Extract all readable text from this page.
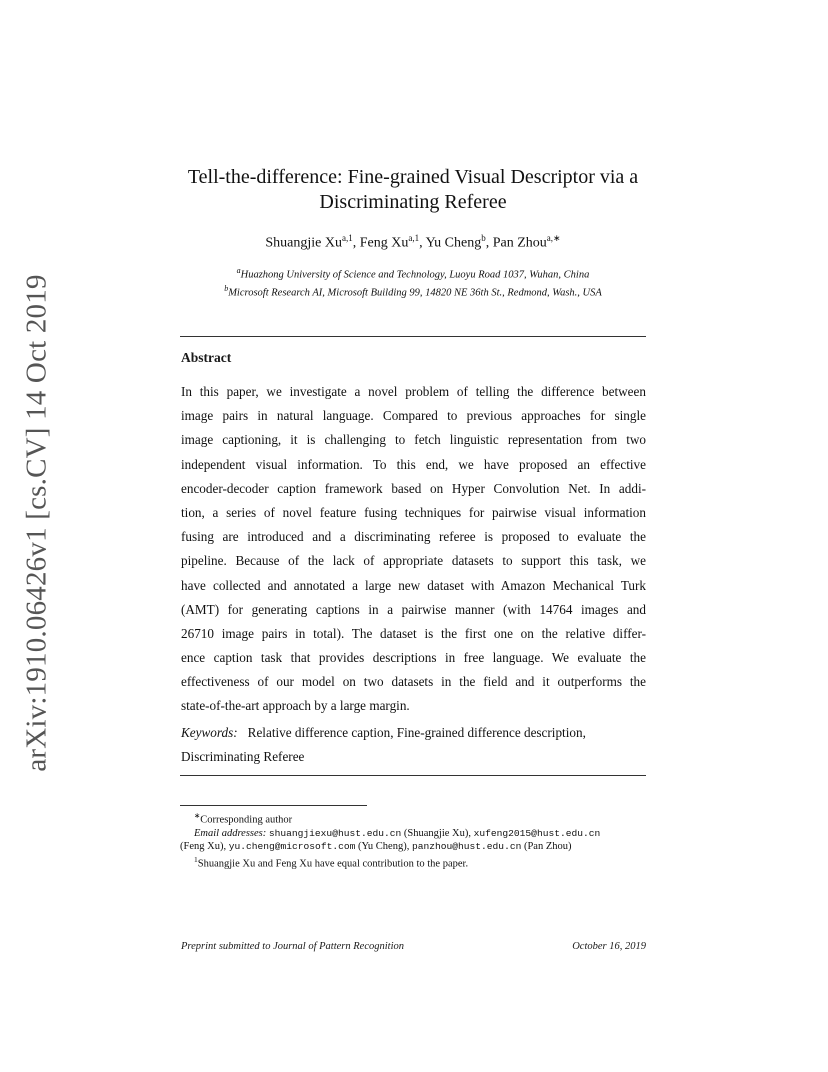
arXiv:1910.06426v1 [cs.CV] 14 Oct 2019
Tell-the-difference: Fine-grained Visual Descriptor via a
Discriminating Referee
Shuangjie Xu$^{a,1}$, Feng Xu$^{a,1}$, Yu Cheng$^b$, Pan Zhou$^{a,∗}$
$^a$Huazhong University of Science and Technology, Luoyu Road 1037, Wuhan, China
$^b$Microsoft Research AI, Microsoft Building 99, 14820 NE 36th St., Redmond, Wash., USA
Abstract
In this paper, we investigate a novel problem of telling the difference between
image pairs in natural language. Compared to previous approaches for single
image captioning, it is challenging to fetch linguistic representation from two
independent visual information. To this end, we have proposed an effective
encoder-decoder caption framework based on Hyper Convolution Net. In addi-
tion, a series of novel feature fusing techniques for pairwise visual information
fusing are introduced and a discriminating referee is proposed to evaluate the
pipeline. Because of the lack of appropriate datasets to support this task, we
have collected and annotated a large new dataset with Amazon Mechanical Turk
(AMT) for generating captions in a pairwise manner (with 14764 images and
26710 image pairs in total). The dataset is the first one on the relative differ-
ence caption task that provides descriptions in free language. We evaluate the
effectiveness of our model on two datasets in the field and it outperforms the
state-of-the-art approach by a large margin.
Keywords: Relative difference caption, Fine-grained difference description,
Discriminating Referee
∗Corresponding author
Email addresses: shuangjiexu@hust.edu.cn (Shuangjie Xu), xufeng2015@hust.edu.cn
(Feng Xu), yu.cheng@microsoft.com (Yu Cheng), panzhou@hust.edu.cn (Pan Zhou)
$^1$Shuangjie Xu and Feng Xu have equal contribution to the paper.
Preprint submitted to Journal of Pattern Recognition	October 16, 2019
